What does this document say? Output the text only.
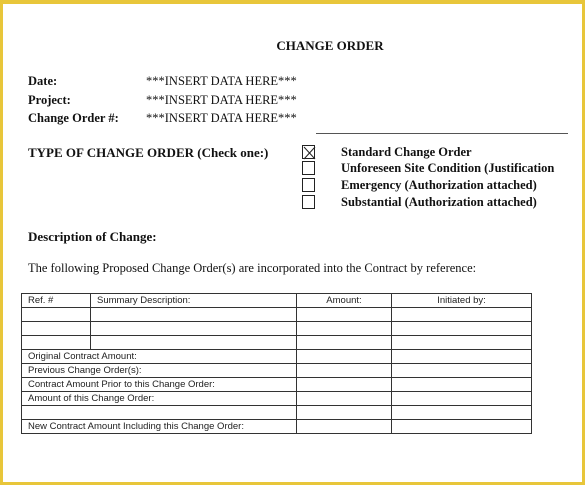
CHANGE ORDER
Date:	***INSERT DATA HERE***
Project:	***INSERT DATA HERE***
Change Order #: ***INSERT DATA HERE***
TYPE OF CHANGE ORDER (Check one:)	Standard Change Order
Unforeseen Site Condition (Justification
Emergency (Authorization attached)
Substantial (Authorization attached)
Description of Change:
The following Proposed Change Order(s) are incorporated into the Contract by reference:
Ref. #	Summary Description:	Amount:	Initiated by:

Original Contract Amount:			
Previous Change Order(s):			
Contract Amount Prior to this Change Order:			
Amount of this Change Order:			

New Contract Amount Including this Change Order:			
